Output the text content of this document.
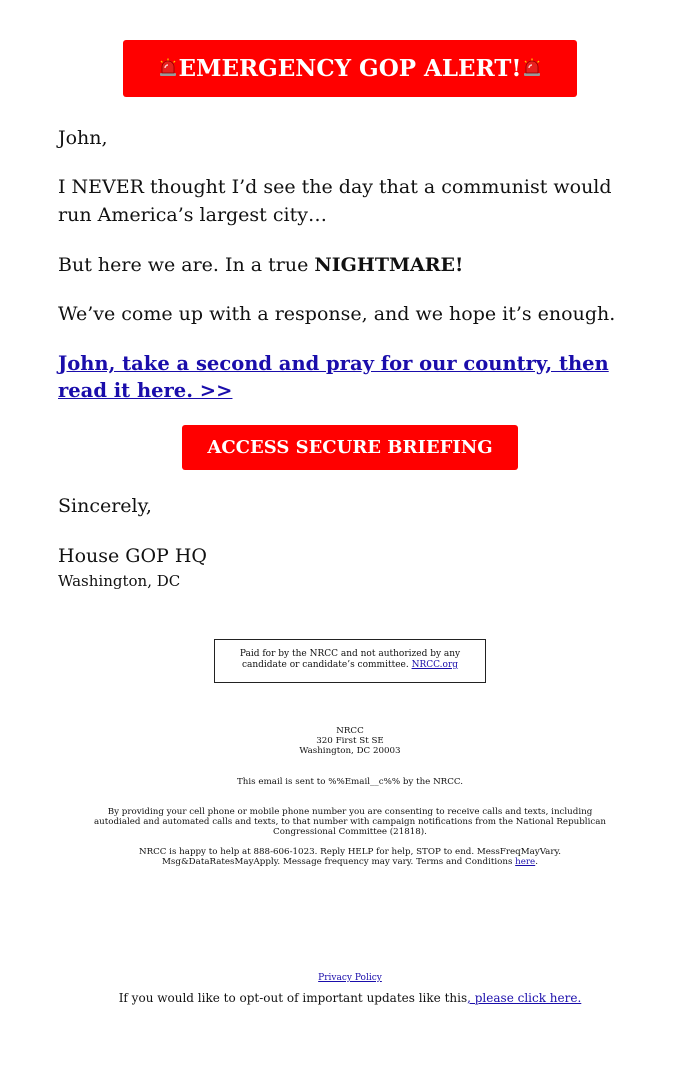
EMERGENCY GOP ALERT!

John,

I NEVER thought I’d see the day that a communist would run America’s largest city…

But here we are. In a true NIGHTMARE!

We’ve come up with a response, and we hope it’s enough.

John, take a second and pray for our country, then read it here. >>
ACCESS SECURE BRIEFING

Sincerely,

House GOP HQ

Washington, DC
Paid for by the NRCC and not authorized by any candidate or candidate’s committee. NRCC.org
NRCC
320 First St SE
Washington, DC 20003
This email is sent to %%Email__c%% by the NRCC.
By providing your cell phone or mobile phone number you are consenting to receive calls and texts, including autodialed and automated calls and texts, to that number with campaign notifications from the National Republican Congressional Committee (21818).
NRCC is happy to help at 888-606-1023. Reply HELP for help, STOP to end. MessFreqMayVary. Msg&DataRatesMayApply. Message frequency may vary. Terms and Conditions here.
Privacy Policy
If you would like to opt-out of important updates like this, please click here.
